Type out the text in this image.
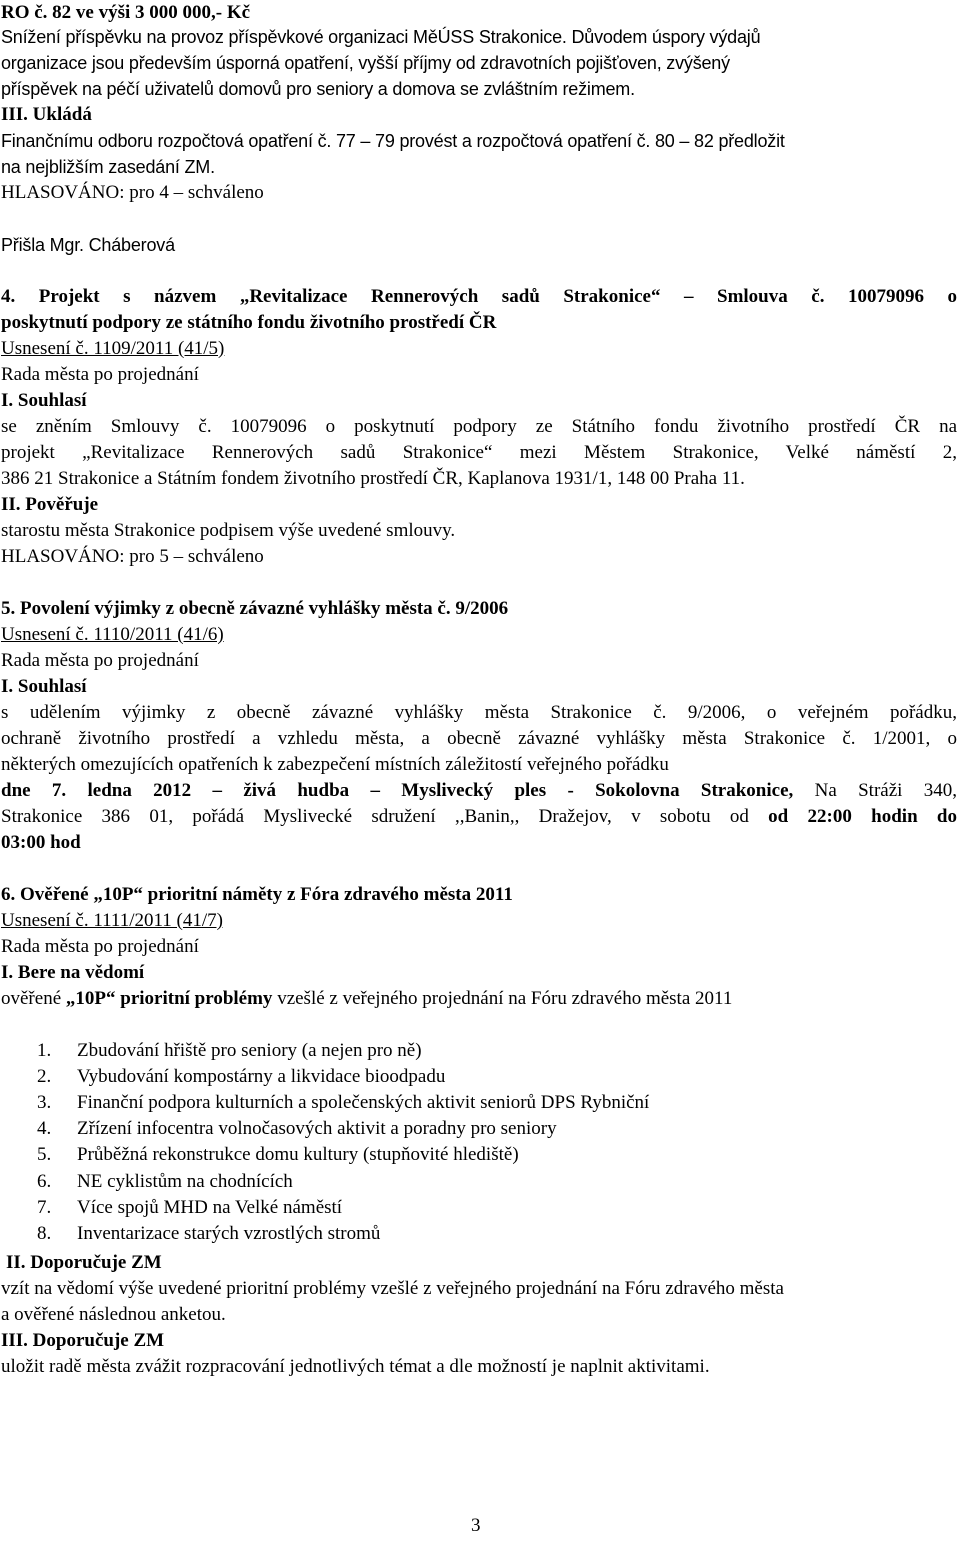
RO č. 82 ve výši 3 000 000,- Kč
Snížení příspěvku na provoz příspěvkové organizaci MěÚSS Strakonice. Důvodem úspory výdajů
organizace jsou především úsporná opatření, vyšší příjmy od zdravotních pojišťoven, zvýšený
příspěvek na péčí uživatelů domovů pro seniory a domova se zvláštním režimem.
III. Ukládá
Finančnímu odboru rozpočtová opatření č. 77 – 79 provést a rozpočtová opatření č. 80 – 82 předložit
na nejbližším zasedání ZM.
HLASOVÁNO: pro 4 – schváleno
Přišla Mgr. Cháberová
4. Projekt s názvem „Revitalizace Rennerových sadů Strakonice“ – Smlouva č. 10079096 o
poskytnutí podpory ze státního fondu životního prostředí ČR
Usnesení č. 1109/2011 (41/5)
Rada města po projednání
I. Souhlasí
se zněním Smlouvy č. 10079096 o poskytnutí podpory ze Státního fondu životního prostředí ČR na
projekt „Revitalizace Rennerových sadů Strakonice“ mezi Městem Strakonice, Velké náměstí 2,
386 21 Strakonice a Státním fondem životního prostředí ČR, Kaplanova 1931/1, 148 00 Praha 11.
II. Pověřuje
starostu města Strakonice podpisem výše uvedené smlouvy.
HLASOVÁNO: pro 5 – schváleno
5. Povolení výjimky z obecně závazné vyhlášky města č. 9/2006
Usnesení č. 1110/2011 (41/6)
Rada města po projednání
I. Souhlasí
s udělením výjimky z obecně závazné vyhlášky města Strakonice č. 9/2006, o veřejném pořádku,
ochraně životního prostředí a vzhledu města, a obecně závazné vyhlášky města Strakonice č. 1/2001, o
některých omezujících opatřeních k zabezpečení místních záležitostí veřejného pořádku
dne 7. ledna 2012 – živá hudba – Myslivecký ples - Sokolovna Strakonice, Na Stráži 340,
Strakonice 386 01, pořádá Myslivecké sdružení ,,Banin,, Dražejov, v sobotu od od 22:00 hodin do
03:00 hod
6. Ověřené „10P“ prioritní náměty z Fóra zdravého města 2011
Usnesení č. 1111/2011 (41/7)
Rada města po projednání
I. Bere na vědomí
ověřené „10P“ prioritní problémy vzešlé z veřejného projednání na Fóru zdravého města 2011
1. Zbudování hřiště pro seniory (a nejen pro ně)
2. Vybudování kompostárny a likvidace bioodpadu
3. Finanční podpora kulturních a společenských aktivit seniorů DPS Rybniční
4. Zřízení infocentra volnočasových aktivit a poradny pro seniory
5. Průběžná rekonstrukce domu kultury (stupňovité hlediště)
6. NE cyklistům na chodnících
7. Více spojů MHD na Velké náměstí
8. Inventarizace starých vzrostlých stromů
II. Doporučuje ZM
vzít na vědomí výše uvedené prioritní problémy vzešlé z veřejného projednání na Fóru zdravého města
a ověřené následnou anketou.
III. Doporučuje ZM
uložit radě města zvážit rozpracování jednotlivých témat a dle možností je naplnit aktivitami.
3
